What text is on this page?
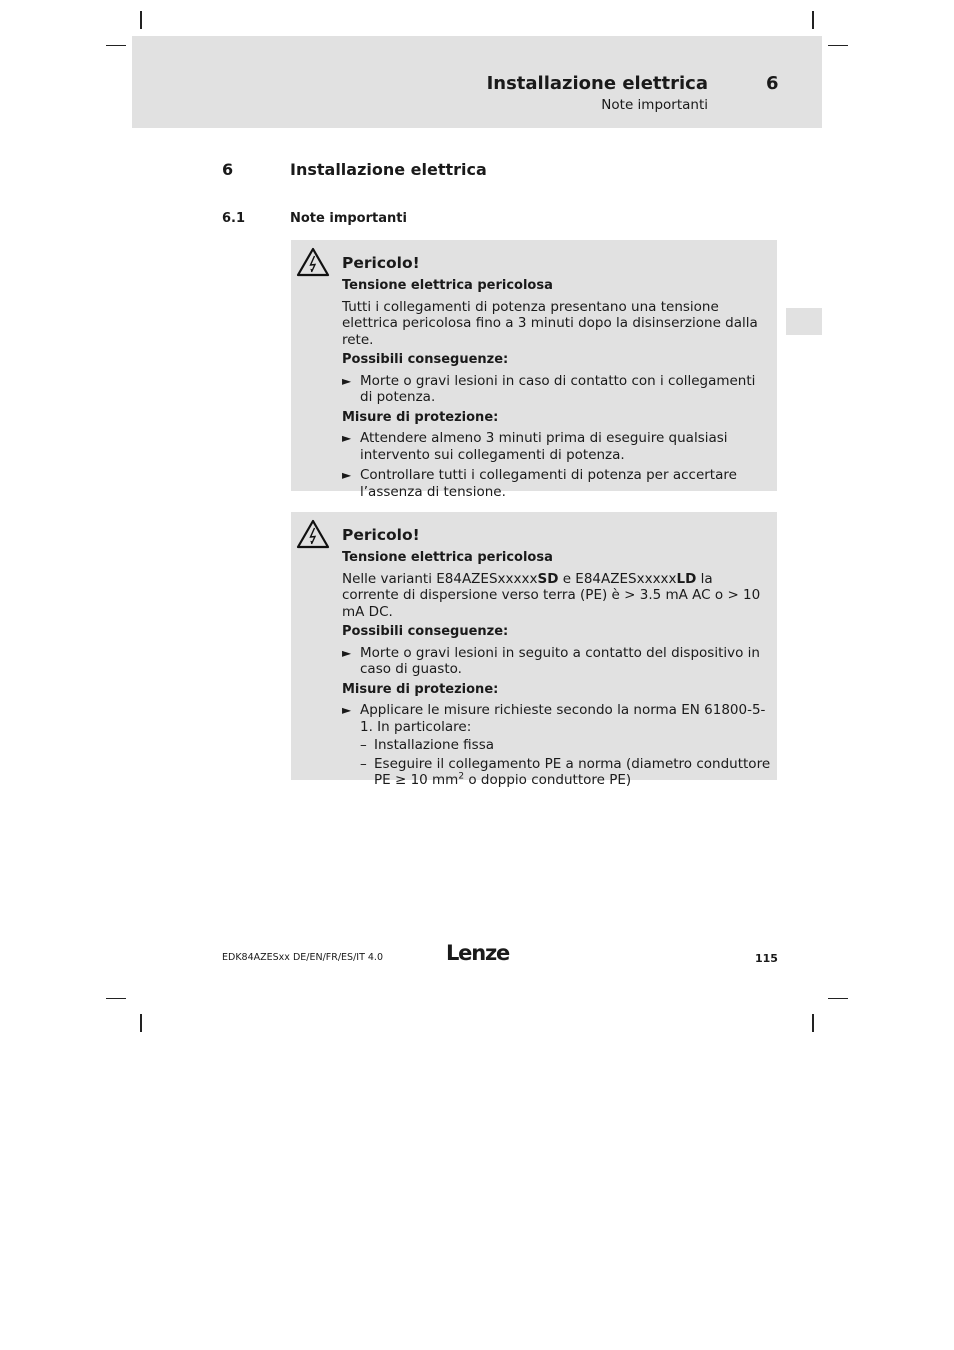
Installazione elettrica	6
Note importanti
6	Installazione elettrica
6.1	Note importanti
Pericolo!
Tensione elettrica pericolosa
Tutti i collegamenti di potenza presentano una tensione elettrica pericolosa fino a 3 minuti dopo la disinserzione dalla rete.
Possibili conseguenze:
► Morte o gravi lesioni in caso di contatto con i collegamenti di potenza.
Misure di protezione:
► Attendere almeno 3 minuti prima di eseguire qualsiasi intervento sui collegamenti di potenza.
► Controllare tutti i collegamenti di potenza per accertare l’assenza di tensione.
Pericolo!
Tensione elettrica pericolosa
Nelle varianti E84AZESxxxxxSD e E84AZESxxxxxLD la corrente di dispersione verso terra (PE) è > 3.5 mA AC o > 10 mA DC.
Possibili conseguenze:
► Morte o gravi lesioni in seguito a contatto del dispositivo in caso di guasto.
Misure di protezione:
► Applicare le misure richieste secondo la norma EN 61800-5-1. In particolare:
– Installazione fissa
– Eseguire il collegamento PE a norma (diametro conduttore PE ≥ 10 $mm^2$ o doppio conduttore PE)
EDK84AZESxx DE/EN/FR/ES/IT 4.0	Lenze	115
